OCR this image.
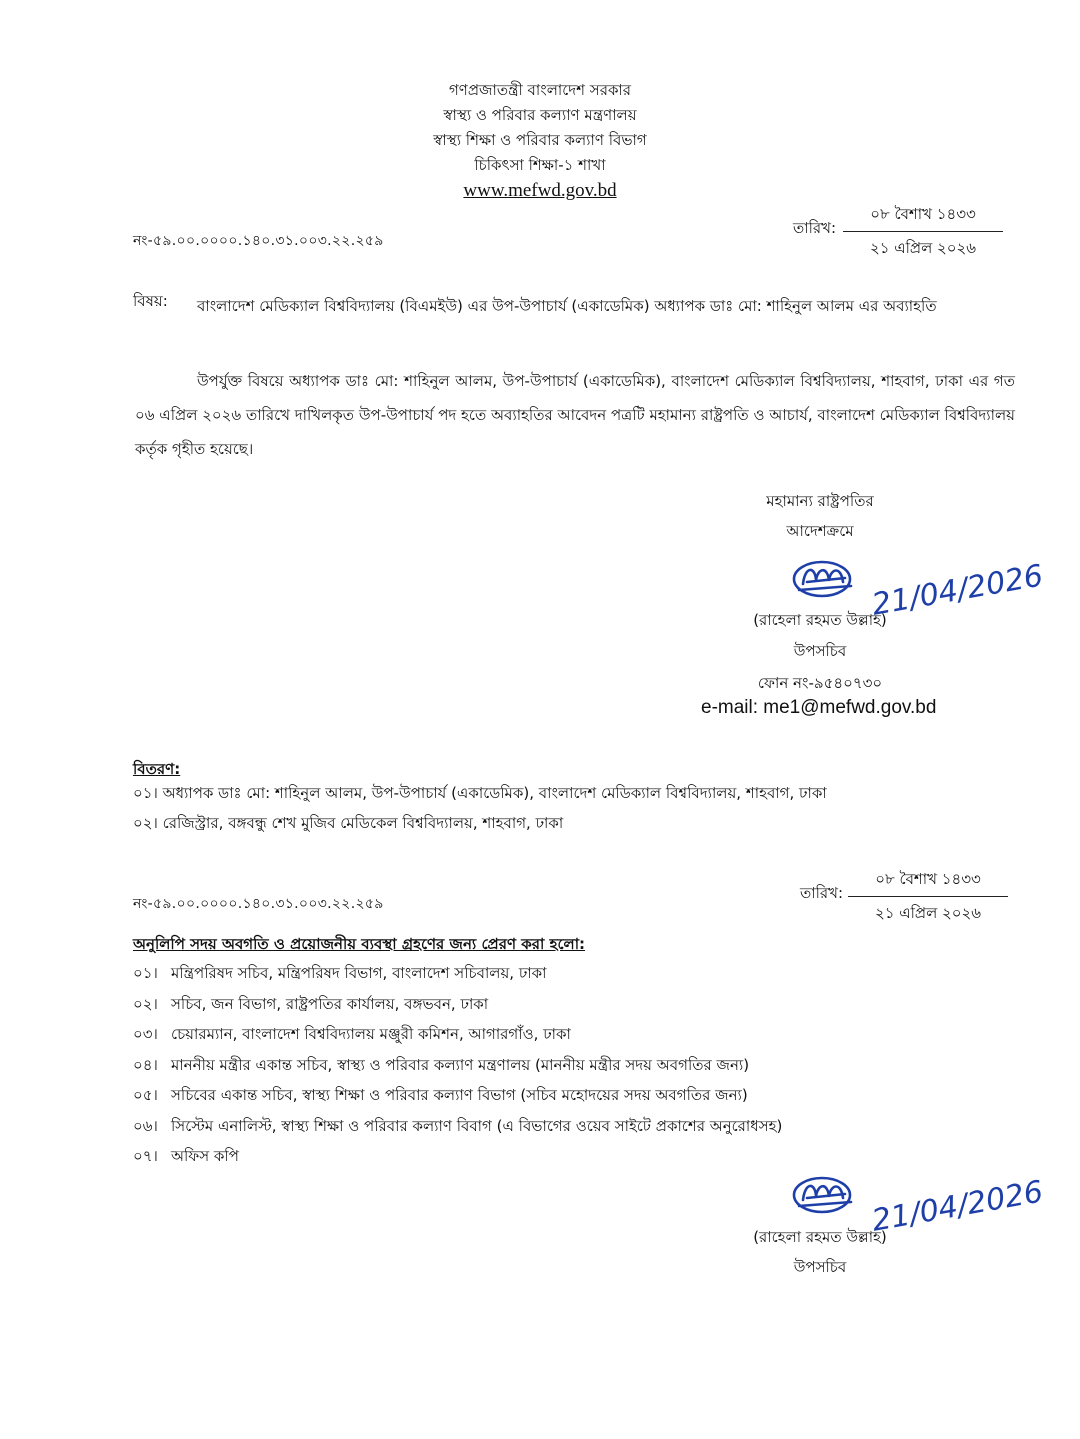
গণপ্রজাতন্ত্রী বাংলাদেশ সরকার
স্বাস্থ্য ও পরিবার কল্যাণ মন্ত্রণালয়
স্বাস্থ্য শিক্ষা ও পরিবার কল্যাণ বিভাগ
চিকিৎসা শিক্ষা-১ শাখা
www.mefwd.gov.bd
নং-৫৯.০০.০০০০.১৪০.৩১.০০৩.২২.২৫৯
তারিখ:
০৮ বৈশাখ ১৪৩৩
২১ এপ্রিল ২০২৬
বিষয়: বাংলাদেশ মেডিক্যাল বিশ্ববিদ্যালয় (বিএমইউ) এর উপ-উপাচার্য (একাডেমিক) অধ্যাপক ডাঃ মো: শাহিনুল আলম এর অব্যাহতি
উপর্যুক্ত বিষয়ে অধ্যাপক ডাঃ মো: শাহিনুল আলম, উপ-উপাচার্য (একাডেমিক), বাংলাদেশ মেডিক্যাল বিশ্ববিদ্যালয়, শাহবাগ, ঢাকা এর গত ০৬ এপ্রিল ২০২৬ তারিখে দাখিলকৃত উপ-উপাচার্য পদ হতে অব্যাহতির আবেদন পত্রটি মহামান্য রাষ্ট্রপতি ও আচার্য, বাংলাদেশ মেডিক্যাল বিশ্ববিদ্যালয় কর্তৃক গৃহীত হয়েছে।
মহামান্য রাষ্ট্রপতির
আদেশক্রমে
21/04/2026
(রাহেলা রহমত উল্লাহ)
উপসচিব
ফোন নং-৯৫৪০৭৩০
e-mail: me1@mefwd.gov.bd
বিতরণ:
০১। অধ্যাপক ডাঃ মো: শাহিনুল আলম, উপ-উপাচার্য (একাডেমিক), বাংলাদেশ মেডিক্যাল বিশ্ববিদ্যালয়, শাহবাগ, ঢাকা
০২। রেজিস্ট্রার, বঙ্গবন্ধু শেখ মুজিব মেডিকেল বিশ্ববিদ্যালয়, শাহবাগ, ঢাকা
নং-৫৯.০০.০০০০.১৪০.৩১.০০৩.২২.২৫৯
তারিখ:
০৮ বৈশাখ ১৪৩৩
২১ এপ্রিল ২০২৬
অনুলিপি সদয় অবগতি ও প্রয়োজনীয় ব্যবস্থা গ্রহণের জন্য প্রেরণ করা হলো:
০১। মন্ত্রিপরিষদ সচিব, মন্ত্রিপরিষদ বিভাগ, বাংলাদেশ সচিবালয়, ঢাকা
০২। সচিব, জন বিভাগ, রাষ্ট্রপতির কার্যালয়, বঙ্গভবন, ঢাকা
০৩। চেয়ারম্যান, বাংলাদেশ বিশ্ববিদ্যালয় মঞ্জুরী কমিশন, আগারগাঁও, ঢাকা
০৪। মাননীয় মন্ত্রীর একান্ত সচিব, স্বাস্থ্য ও পরিবার কল্যাণ মন্ত্রণালয় (মাননীয় মন্ত্রীর সদয় অবগতির জন্য)
০৫। সচিবের একান্ত সচিব, স্বাস্থ্য শিক্ষা ও পরিবার কল্যাণ বিভাগ (সচিব মহোদয়ের সদয় অবগতির জন্য)
০৬। সিস্টেম এনালিস্ট, স্বাস্থ্য শিক্ষা ও পরিবার কল্যাণ বিবাগ (এ বিভাগের ওয়েব সাইটে প্রকাশের অনুরোধসহ)
০৭। অফিস কপি
21/04/2026
(রাহেলা রহমত উল্লাহ)
উপসচিব
